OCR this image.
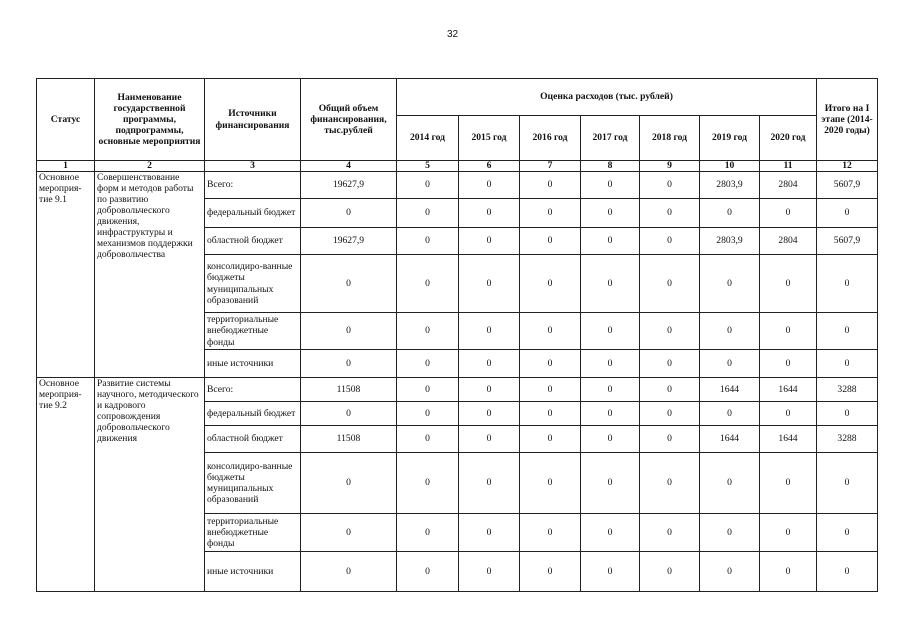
32
Статус	Наименование государственной программы, подпрограммы, основные мероприятия	Источники финансирования	Общий объем финансирования, тыс.рублей	Оценка расходов (тыс. рублей)							Итого на I этапе (2014-2020 годы)
				2014 год	2015 год	2016 год	2017 год	2018 год	2019 год	2020 год	
1	2	3	4	5	6	7	8	9	10	11	12
Основное мероприя-тие 9.1	Совершенствование форм и методов работы по развитию добровольческого движения, инфраструктуры и механизмов поддержки добровольчества	Всего:	19627,9	0	0	0	0	0	2803,9	2804	5607,9
		федеральный бюджет	0	0	0	0	0	0	0	0	0
		областной бюджет	19627,9	0	0	0	0	0	2803,9	2804	5607,9
		консолидиро-ванные бюджеты муниципальных образований	0	0	0	0	0	0	0	0	0
		территориальные внебюджетные фонды	0	0	0	0	0	0	0	0	0
		иные источники	0	0	0	0	0	0	0	0	0
Основное мероприя-тие 9.2	Развитие системы научного, методического и кадрового сопровождения добровольческого движения	Всего:	11508	0	0	0	0	0	1644	1644	3288
		федеральный бюджет	0	0	0	0	0	0	0	0	0
		областной бюджет	11508	0	0	0	0	0	1644	1644	3288
		консолидиро-ванные бюджеты муниципальных образований	0	0	0	0	0	0	0	0	0
		территориальные внебюджетные фонды	0	0	0	0	0	0	0	0	0
		иные источники	0	0	0	0	0	0	0	0	0
